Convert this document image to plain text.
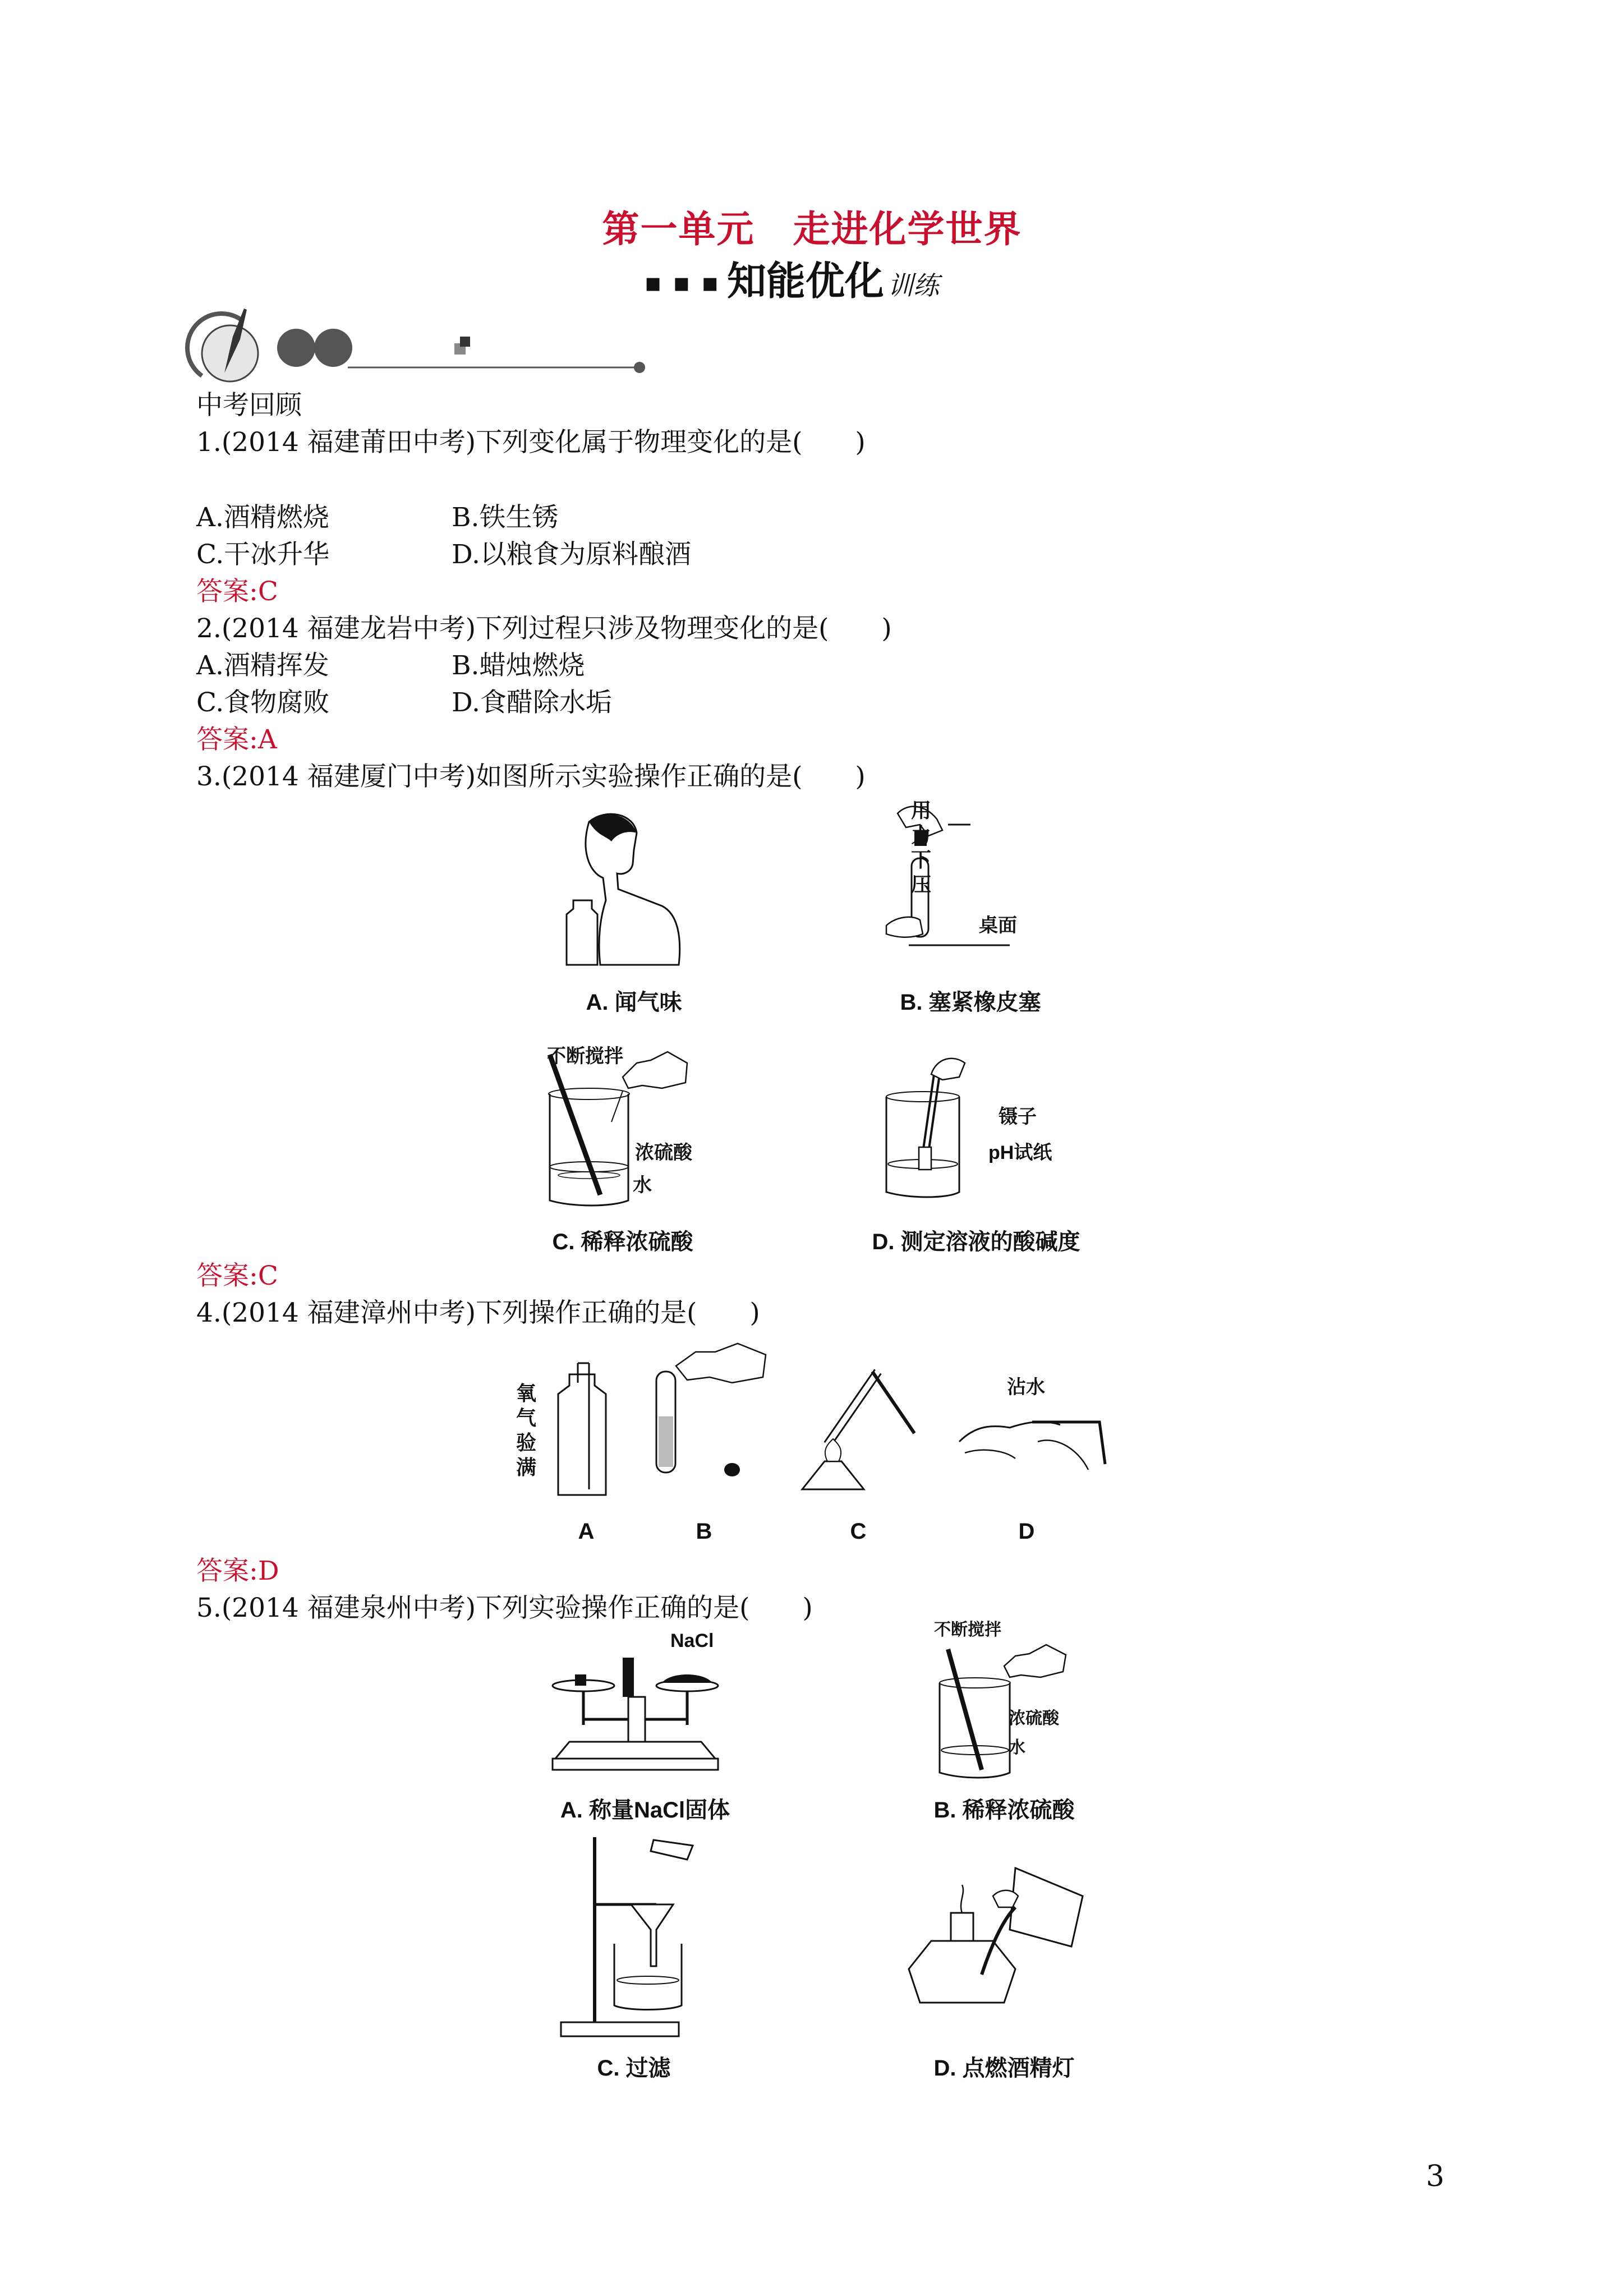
第一单元　走进化学世界
■ ■ ■ 知能优化 训练
中考回顾
1.(2014 福建莆田中考)下列变化属于物理变化的是(　　)
A.酒精燃烧	B.铁生锈
C.干冰升华	D.以粮食为原料酿酒
答案:C
2.(2014 福建龙岩中考)下列过程只涉及物理变化的是(　　)
A.酒精挥发	B.蜡烛燃烧
C.食物腐败	D.食醋除水垢
答案:A
3.(2014 福建厦门中考)如图所示实验操作正确的是(　　)
A. 闻气味
用力下压
桌面
B. 塞紧橡皮塞
不断搅拌
浓硫酸
水
C. 稀释浓硫酸
镊子
pH试纸
D. 测定溶液的酸碱度
答案:C
4.(2014 福建漳州中考)下列操作正确的是(　　)
氧气验满
沾水
A	B	C	D
答案:D
5.(2014 福建泉州中考)下列实验操作正确的是(　　)
NaCl
A. 称量NaCl固体
不断搅拌
浓硫酸
水
B. 稀释浓硫酸
C. 过滤	D. 点燃酒精灯
3
